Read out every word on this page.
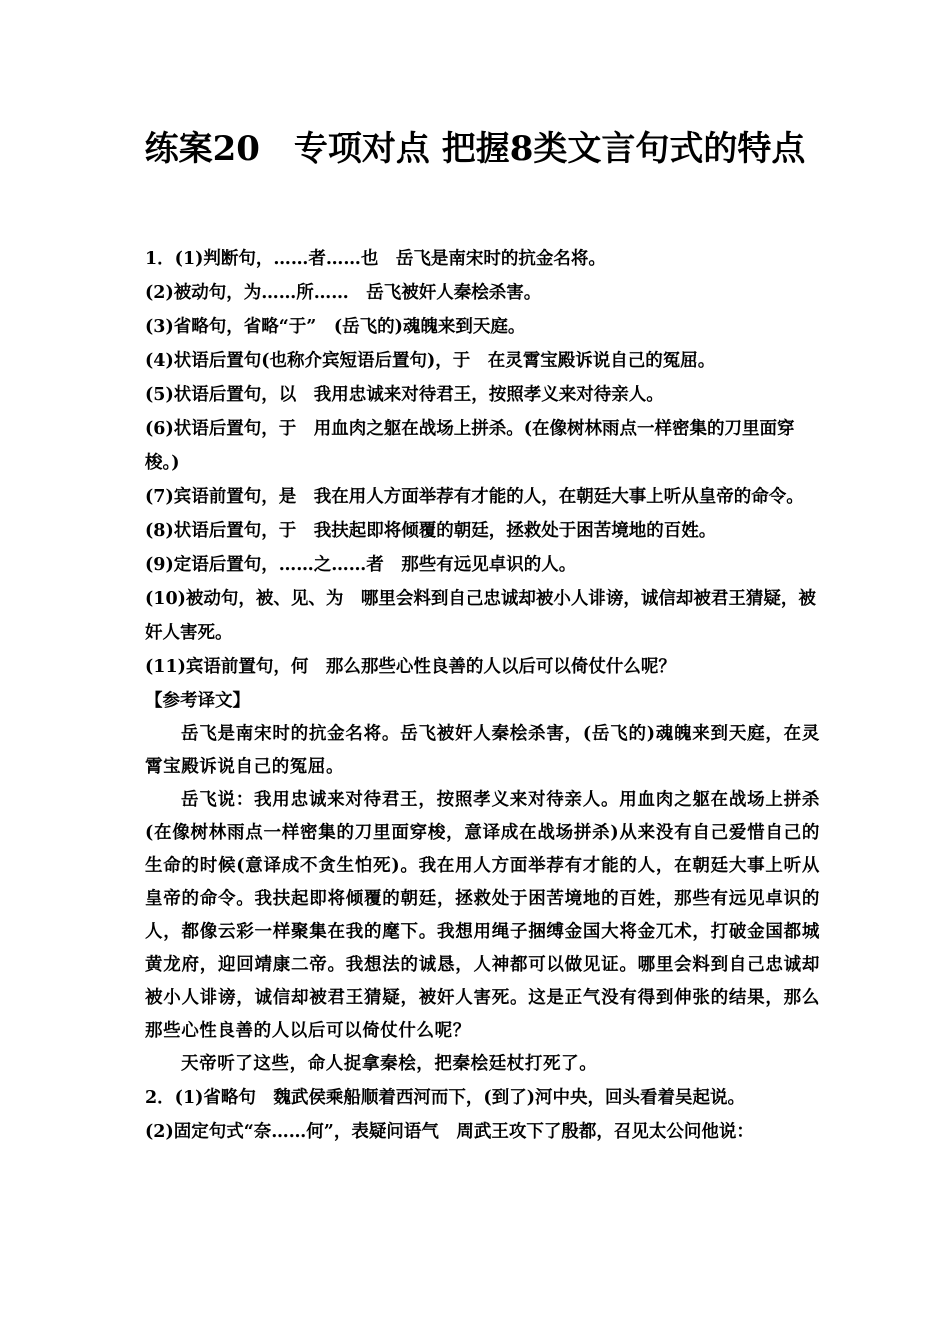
练案20　专项对点 把握8类文言句式的特点

1．(1)判断句，……者……也　岳飞是南宋时的抗金名将。

(2)被动句，为……所……　岳飞被奸人秦桧杀害。

(3)省略句，省略“于”　(岳飞的)魂魄来到天庭。

(4)状语后置句(也称介宾短语后置句)，于　在灵霄宝殿诉说自己的冤屈。

(5)状语后置句，以　我用忠诚来对待君王，按照孝义来对待亲人。

(6)状语后置句，于　用血肉之躯在战场上拼杀。(在像树林雨点一样密集的刀里面穿梭。)

(7)宾语前置句，是　我在用人方面举荐有才能的人，在朝廷大事上听从皇帝的命令。

(8)状语后置句，于　我扶起即将倾覆的朝廷，拯救处于困苦境地的百姓。

(9)定语后置句，……之……者　那些有远见卓识的人。

(10)被动句，被、见、为　哪里会料到自己忠诚却被小人诽谤，诚信却被君王猜疑，被奸人害死。

(11)宾语前置句，何　那么那些心性良善的人以后可以倚仗什么呢？

【参考译文】

岳飞是南宋时的抗金名将。岳飞被奸人秦桧杀害，(岳飞的)魂魄来到天庭，在灵霄宝殿诉说自己的冤屈。

岳飞说：我用忠诚来对待君王，按照孝义来对待亲人。用血肉之躯在战场上拼杀(在像树林雨点一样密集的刀里面穿梭，意译成在战场拼杀)从来没有自己爱惜自己的生命的时候(意译成不贪生怕死)。我在用人方面举荐有才能的人，在朝廷大事上听从皇帝的命令。我扶起即将倾覆的朝廷，拯救处于困苦境地的百姓，那些有远见卓识的人，都像云彩一样聚集在我的麾下。我想用绳子捆缚金国大将金兀术，打破金国都城黄龙府，迎回靖康二帝。我想法的诚恳，人神都可以做见证。哪里会料到自己忠诚却被小人诽谤，诚信却被君王猜疑，被奸人害死。这是正气没有得到伸张的结果，那么那些心性良善的人以后可以倚仗什么呢？

天帝听了这些，命人捉拿秦桧，把秦桧廷杖打死了。

2．(1)省略句　魏武侯乘船顺着西河而下，(到了)河中央，回头看着吴起说。

(2)固定句式“奈……何”，表疑问语气　周武王攻下了殷都，召见太公问他说：
